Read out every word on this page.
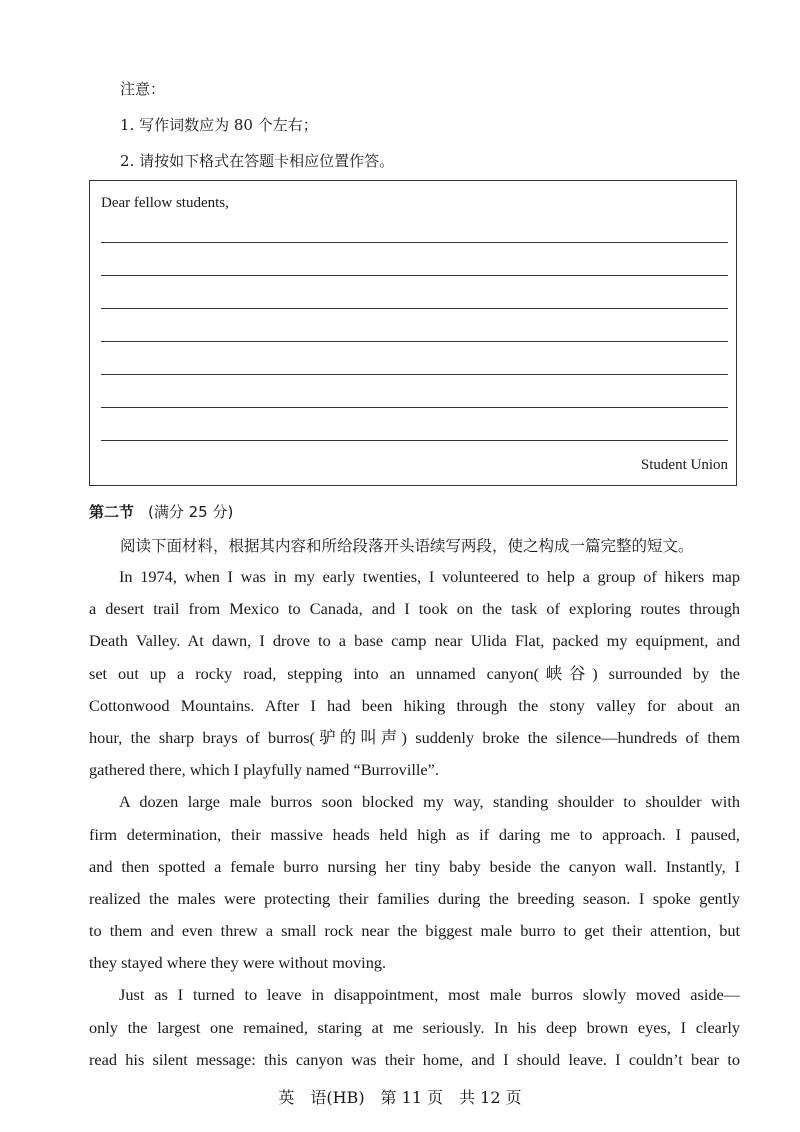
注意：
1. 写作词数应为 80 个左右；
2. 请按如下格式在答题卡相应位置作答。
Dear fellow students,
Student Union
第二节 (满分 25 分)
阅读下面材料，根据其内容和所给段落开头语续写两段，使之构成一篇完整的短文。
In 1974, when I was in my early twenties, I volunteered to help a group of hikers map
a desert trail from Mexico to Canada, and I took on the task of exploring routes through
Death Valley. At dawn, I drove to a base camp near Ulida Flat, packed my equipment, and
set out up a rocky road, stepping into an unnamed canyon(峡谷) surrounded by the
Cottonwood Mountains. After I had been hiking through the stony valley for about an
hour, the sharp brays of burros(驴的叫声) suddenly broke the silence—hundreds of them
gathered there, which I playfully named “Burroville”.
A dozen large male burros soon blocked my way, standing shoulder to shoulder with
firm determination, their massive heads held high as if daring me to approach. I paused,
and then spotted a female burro nursing her tiny baby beside the canyon wall. Instantly, I
realized the males were protecting their families during the breeding season. I spoke gently
to them and even threw a small rock near the biggest male burro to get their attention, but
they stayed where they were without moving.
Just as I turned to leave in disappointment, most male burros slowly moved aside—
only the largest one remained, staring at me seriously. In his deep brown eyes, I clearly
read his silent message: this canyon was their home, and I should leave. I couldn’t bear to
英　语(HB)　第 11 页　共 12 页
